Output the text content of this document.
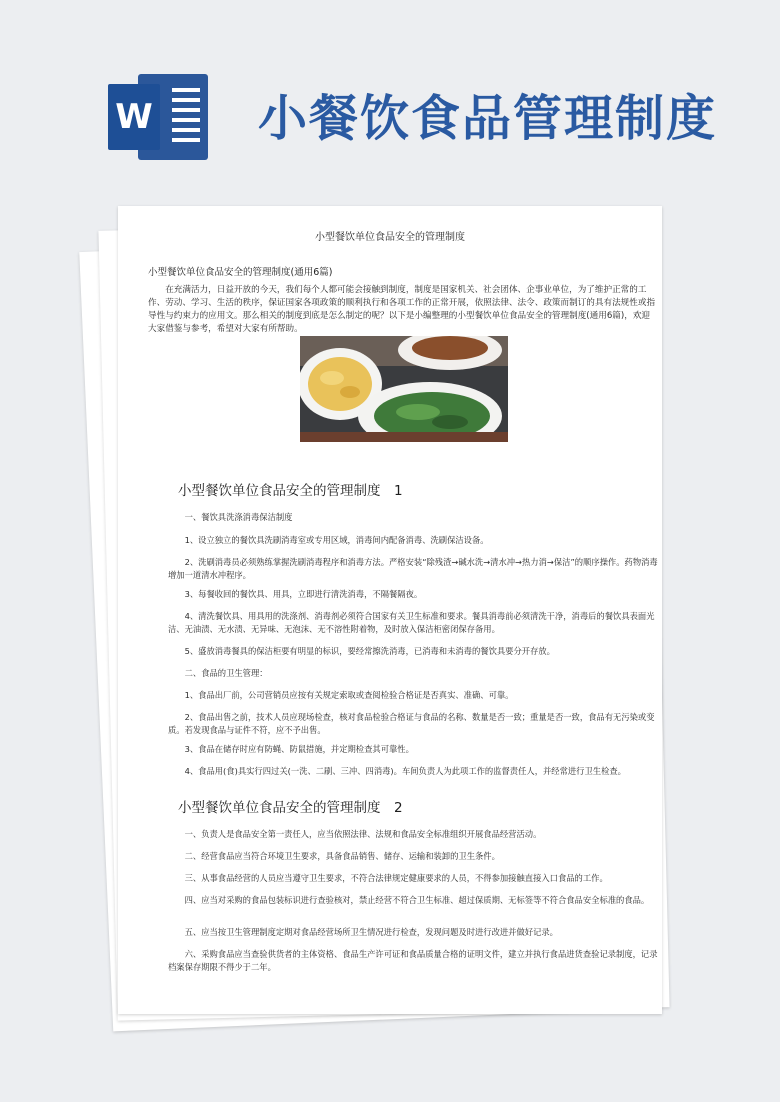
W 小餐饮食品管理制度
小型餐饮单位食品安全的管理制度
小型餐饮单位食品安全的管理制度(通用6篇)
在充满活力，日益开放的今天，我们每个人都可能会接触到制度，制度是国家机关、社会团体、企事业单位，为了维护正常的工作、劳动、学习、生活的秩序，保证国家各项政策的顺利执行和各项工作的正常开展，依照法律、法令、政策而制订的具有法规性或指导性与约束力的应用文。那么相关的制度到底是怎么制定的呢？以下是小编整理的小型餐饮单位食品安全的管理制度(通用6篇)，欢迎大家借鉴与参考，希望对大家有所帮助。
小型餐饮单位食品安全的管理制度　1
一、餐饮具洗涤消毒保洁制度
1、设立独立的餐饮具洗刷消毒室或专用区域，消毒间内配备消毒、洗刷保洁设备。
2、洗刷消毒员必须熟练掌握洗刷消毒程序和消毒方法。严格安装“除残渣→碱水洗→清水冲→热力消→保洁”的顺序操作。药物消毒增加一道清水冲程序。
3、每餐收回的餐饮具、用具，立即进行清洗消毒，不隔餐隔夜。
4、清洗餐饮具、用具用的洗涤剂、消毒剂必须符合国家有关卫生标准和要求。餐具消毒前必须清洗干净，消毒后的餐饮具表面光洁、无油渍、无水渍、无异味、无泡沫、无不溶性附着物，及时放入保洁柜密闭保存备用。
5、盛放消毒餐具的保洁柜要有明显的标识，要经常擦洗消毒，已消毒和未消毒的餐饮具要分开存放。
二、食品的卫生管理：
1、食品出厂前，公司营销员应按有关规定索取或查阅检验合格证是否真实、准确、可靠。
2、食品出售之前，技术人员应现场检查，核对食品检验合格证与食品的名称、数量是否一致；重量是否一致，食品有无污染或变质。若发现食品与证件不符，应不予出售。
3、食品在储存时应有防蝇、防鼠措施，并定期检查其可靠性。
4、食品用(食)具实行四过关(一洗、二刷、三冲、四消毒)。车间负责人为此项工作的监督责任人，并经常进行卫生检查。
小型餐饮单位食品安全的管理制度　2
一、负责人是食品安全第一责任人，应当依照法律、法规和食品安全标准组织开展食品经营活动。
二、经营食品应当符合环境卫生要求，具备食品销售、储存、运输和装卸的卫生条件。
三、从事食品经营的人员应当遵守卫生要求，不符合法律规定健康要求的人员，不得参加接触直接入口食品的工作。
四、应当对采购的食品包装标识进行查验核对，禁止经营不符合卫生标准、超过保质期、无标签等不符合食品安全标准的食品。
五、应当按卫生管理制度定期对食品经营场所卫生情况进行检查，发现问题及时进行改进并做好记录。
六、采购食品应当查验供货者的主体资格、食品生产许可证和食品质量合格的证明文件，建立并执行食品进货查验记录制度，记录档案保存期限不得少于二年。
